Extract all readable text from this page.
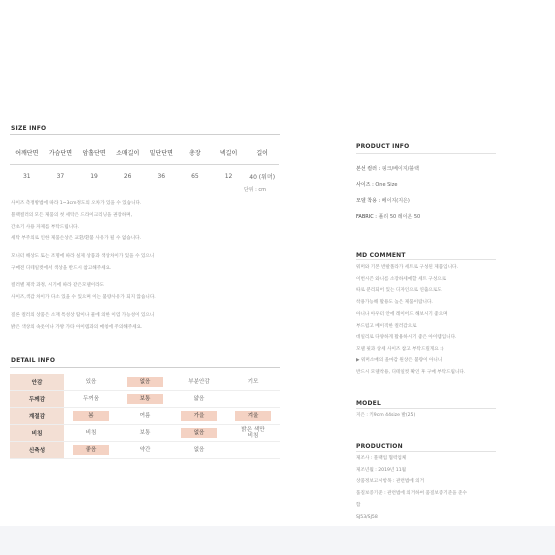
SIZE INFO
어깨단면	가슴단면	암홀단면	소매길이	밑단단면	총장	넥길이	길이
31	37	19	26	36	65	12	40 (워머)
단위 : cm
사이즈 측정방법에 따라 1~3cm정도의 오차가 있을 수 있습니다.
블랙컬러의 모든 제품의 첫 세탁은 드라이크리닝을 권장하며,
간초기 사용 자제를 부탁드립니다.
세탁 부주의로 인한 제품손상은 교환/환불 사유가 될 수 없습니다.
모니터 해상도 또는 조명에 따라 실제 상품과 색상차이가 있을 수 있으니
구매전 디테일컷에서 색상을 반드시 참고해주세요.
컬러별 제작 과정, 시기에 따라 같은모델이라도
사이즈,색감 차이가 다소 있을 수 있으며 이는 불량사유가 되지 않습니다.
질른 컬러의 상품은 소재 특성상 땀이나 물에 의한 이염 가능성이 있으니
밝은 색상의 속옷이나 가방 가타 아이템과의 매칭에 주의해주세요.
DETAIL INFO
안감	있음	없음	부분안감	기모
두께감	두꺼움	보통	얇음	
계절감	봄	여름	가을	겨울
비침	비침	보통	없음	밝은 색만 비침
신축성	좋음	약간	없음	
PRODUCT INFO
본선 컬러 : 핑크/베이지/블랙
사이즈 : One Size
모델 착용 : 베이지(지은)
FABRIC : 폴리 50 레이온 50
MD COMMENT
워머와 기본 반팔폴라가 세트로 구성된 제품입니다.
이번시즌 와니름 소장하세예할 세트 구성으로
따로 분리되어 있는 디자인으로 연출으로도
착용가능해 활용도 높은 제품이랍니다.
아니나 아우터 안에 레이어드 해보시기 좋으며
부드럽고 베이직한 컬러감으로
데일리로 다양하게 활용하시기 좋은 아이템입니다.
모델 핏과 상세 사이즈 참고 부탁드릴게요 :)
▶ 워머소매의 올마감 원상은 불량이 아니니
반드시 모델착용, 디테일컷 확인 후 구매 부탁드립니다.
MODEL
지은 : 키9cm 44size 발(25)
PRODUCTION
제조사 : 블랙업 협력업체
제조년월 : 2019년 11월
상품정보고시항목 : 관련법에 의거
품질보증기준 : 관련법에 의거하여 품질보증기준을 준수
함
SJ53/SJ58
